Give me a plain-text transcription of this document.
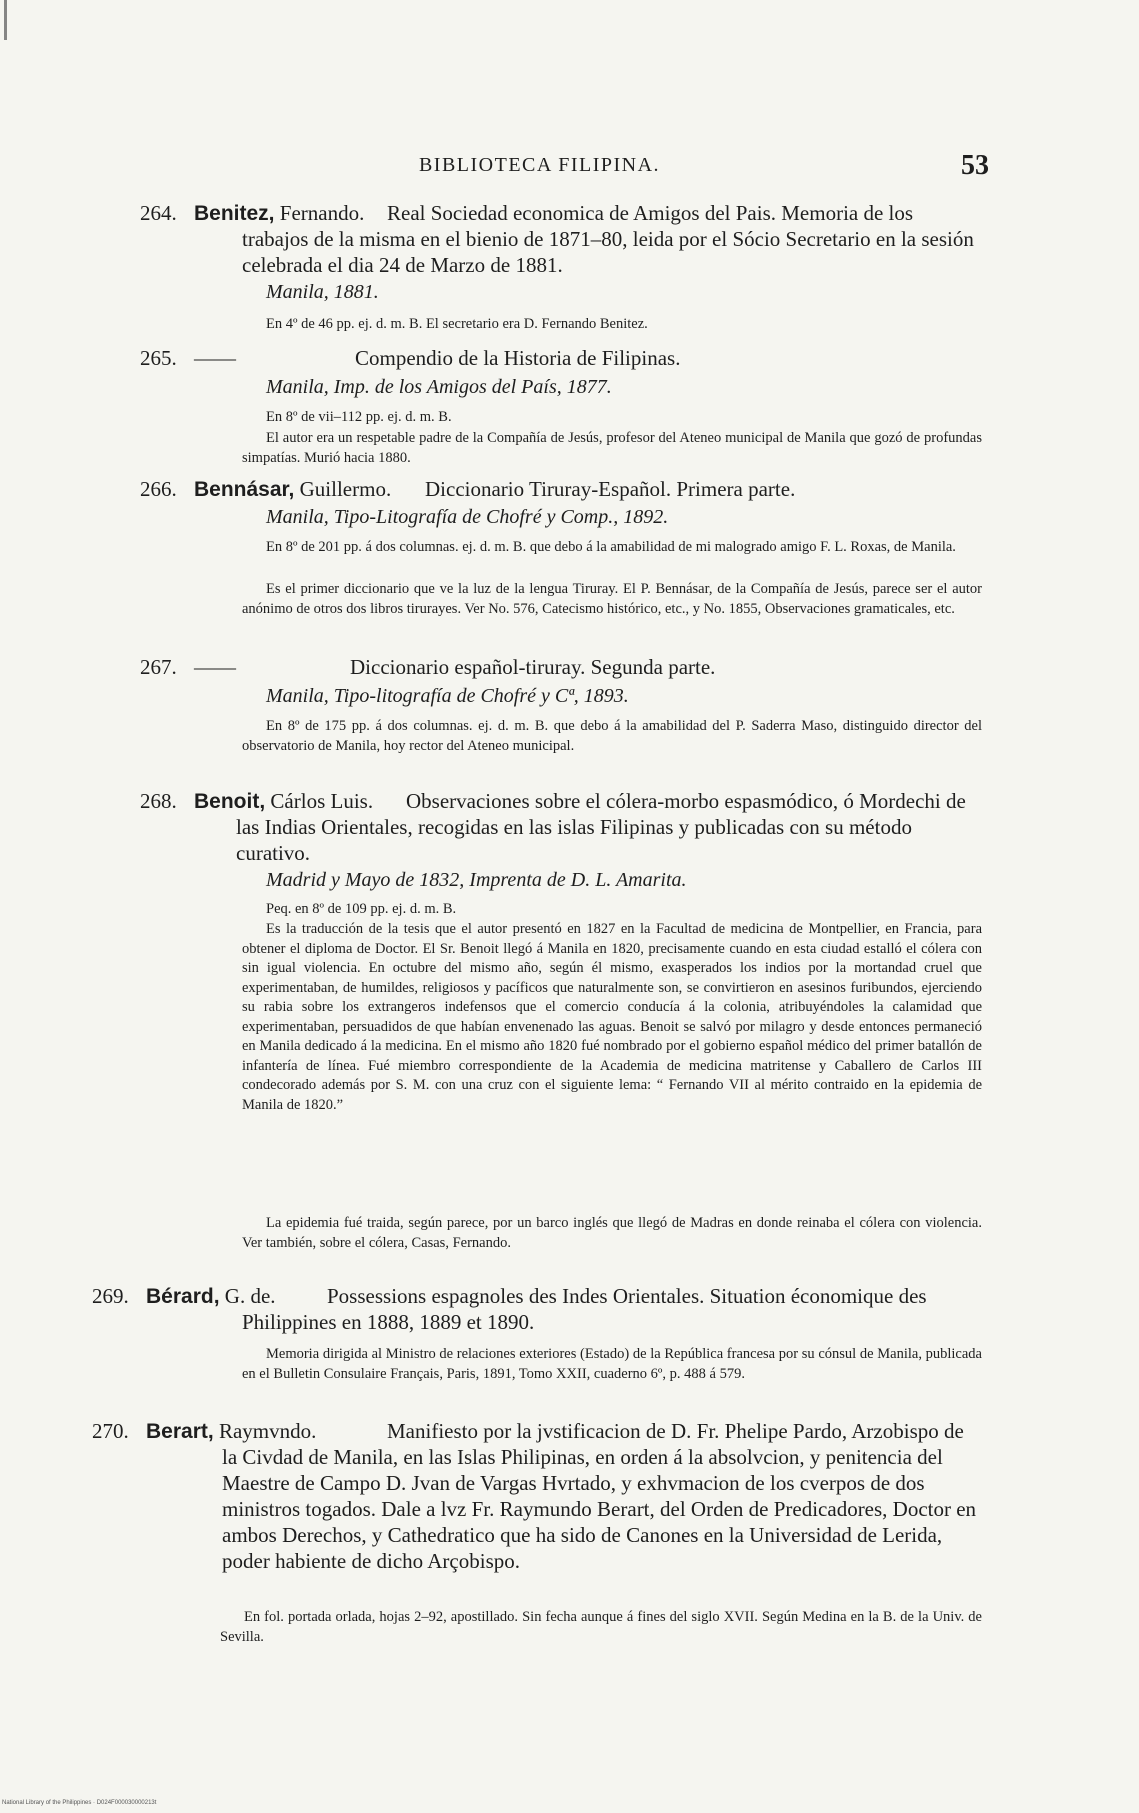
BIBLIOTECA FILIPINA.	53

264. Benitez, Fernando.	Real Sociedad economica de Amigos del Pais. Memoria de los trabajos de la misma en el bienio de 1871–80, leida por el Sócio Secretario en la sesión celebrada el dia 24 de Marzo de 1881.

Manila, 1881.

En 4º de 46 pp. ej. d. m. B. El secretario era D. Fernando Benitez.

265. ——	Compendio de la Historia de Filipinas.

Manila, Imp. de los Amigos del País, 1877.

En 8º de vii–112 pp. ej. d. m. B.

El autor era un respetable padre de la Compañía de Jesús, profesor del Ateneo municipal de Manila que gozó de profundas simpatías. Murió hacia 1880.

266. Bennásar, Guillermo. Diccionario Tiruray-Español. Primera parte.

Manila, Tipo-Litografía de Chofré y Comp., 1892.

En 8º de 201 pp. á dos columnas. ej. d. m. B. que debo á la amabilidad de mi malogrado amigo F. L. Roxas, de Manila.

Es el primer diccionario que ve la luz de la lengua Tiruray. El P. Bennásar, de la Compañía de Jesús, parece ser el autor anónimo de otros dos libros tirurayes. Ver No. 576, Catecismo histórico, etc., y No. 1855, Observaciones gramaticales, etc.

267. ——	Diccionario español-tiruray. Segunda parte.

Manila, Tipo-litografía de Chofré y Cª, 1893.

En 8º de 175 pp. á dos columnas. ej. d. m. B. que debo á la amabilidad del P. Saderra Maso, distinguido director del observatorio de Manila, hoy rector del Ateneo municipal.

268. Benoit, Cárlos Luis.	Observaciones sobre el cólera-morbo espasmódico, ó Mordechi de las Indias Orientales, recogidas en las islas Filipinas y publicadas con su método curativo.

Madrid y Mayo de 1832, Imprenta de D. L. Amarita.

Peq. en 8º de 109 pp. ej. d. m. B.

Es la traducción de la tesis que el autor presentó en 1827 en la Facultad de medicina de Montpellier, en Francia, para obtener el diploma de Doctor. El Sr. Benoit llegó á Manila en 1820, precisamente cuando en esta ciudad estalló el cólera con sin igual violencia. En octubre del mismo año, según él mismo, exasperados los indios por la mortandad cruel que experimentaban, de humildes, religiosos y pacíficos que naturalmente son, se convirtieron en asesinos furibundos, ejerciendo su rabia sobre los extrangeros indefensos que el comercio conducía á la colonia, atribuyéndoles la calamidad que experimentaban, persuadidos de que habían envenenado las aguas. Benoit se salvó por milagro y desde entonces permaneció en Manila dedicado á la medicina. En el mismo año 1820 fué nombrado por el gobierno español médico del primer batallón de infantería de línea. Fué miembro correspondiente de la Academia de medicina matritense y Caballero de Carlos III condecorado además por S. M. con una cruz con el siguiente lema: “ Fernando VII al mérito contraido en la epidemia de Manila de 1820.”

La epidemia fué traida, según parece, por un barco inglés que llegó de Madras en donde reinaba el cólera con violencia. Ver también, sobre el cólera, Casas, Fernando.

269. Bérard, G. de.	Possessions espagnoles des Indes Orientales. Situation économique des Philippines en 1888, 1889 et 1890.

Memoria dirigida al Ministro de relaciones exteriores (Estado) de la República francesa por su cónsul de Manila, publicada en el Bulletin Consulaire Français, Paris, 1891, Tomo XXII, cuaderno 6º, p. 488 á 579.

270. Berart, Raymvndo.	Manifiesto por la jvstificacion de D. Fr. Phelipe Pardo, Arzobispo de la Civdad de Manila, en las Islas Philipinas, en orden á la absolvcion, y penitencia del Maestre de Campo D. Jvan de Vargas Hvrtado, y exhvmacion de los cverpos de dos ministros togados. Dale a lvz Fr. Raymundo Berart, del Orden de Predicadores, Doctor en ambos Derechos, y Cathedratico que ha sido de Canones en la Universidad de Lerida, poder habiente de dicho Arçobispo.

En fol. portada orlada, hojas 2–92, apostillado. Sin fecha aunque á fines del siglo XVII. Según Medina en la B. de la Univ. de Sevilla.

National Library of the Philippines · D024F000030000213t
